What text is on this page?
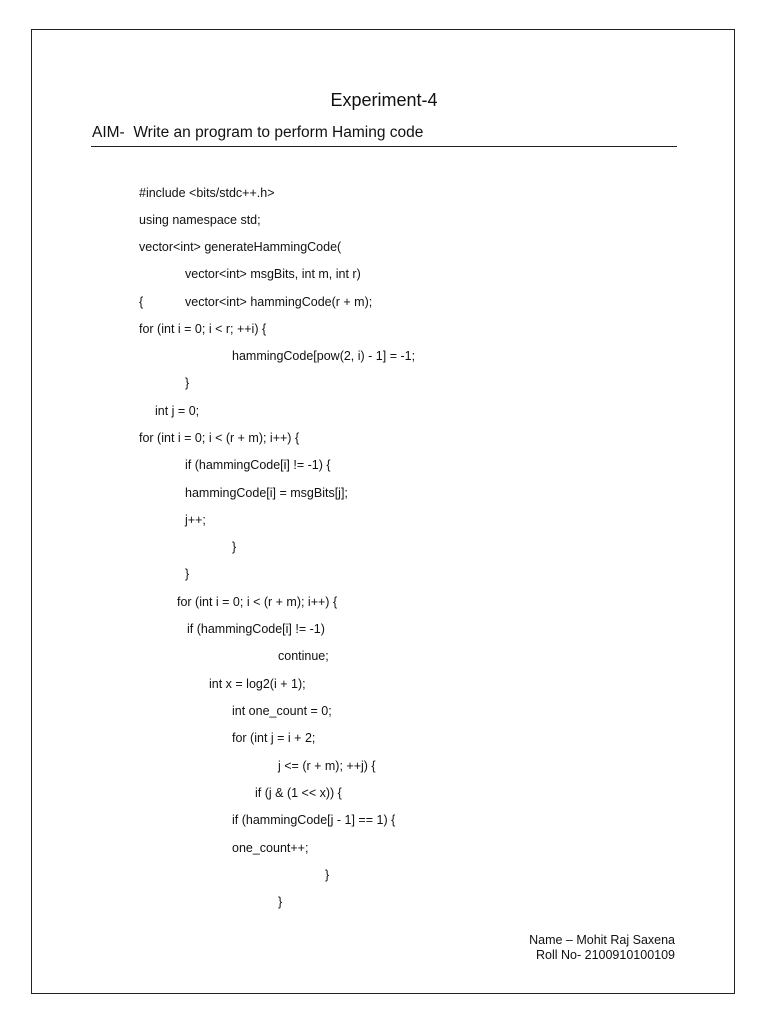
Experiment-4
AIM-  Write an program to perform Haming code
#include <bits/stdc++.h>
using namespace std;
vector<int> generateHammingCode(
vector<int> msgBits, int m, int r)
{	vector<int> hammingCode(r + m);
for (int i = 0; i < r; ++i) {
hammingCode[pow(2, i) - 1] = -1;
}
int j = 0;
for (int i = 0; i < (r + m); i++) {
if (hammingCode[i] != -1) {
hammingCode[i] = msgBits[j];
j++;
}
}
for (int i = 0; i < (r + m); i++) {
if (hammingCode[i] != -1)
continue;
int x = log2(i + 1);
int one_count = 0;
for (int j = i + 2;
j <= (r + m); ++j) {
if (j & (1 << x)) {
if (hammingCode[j - 1] == 1) {
one_count++;
}
}
Name – Mohit Raj Saxena
Roll No- 2100910100109
